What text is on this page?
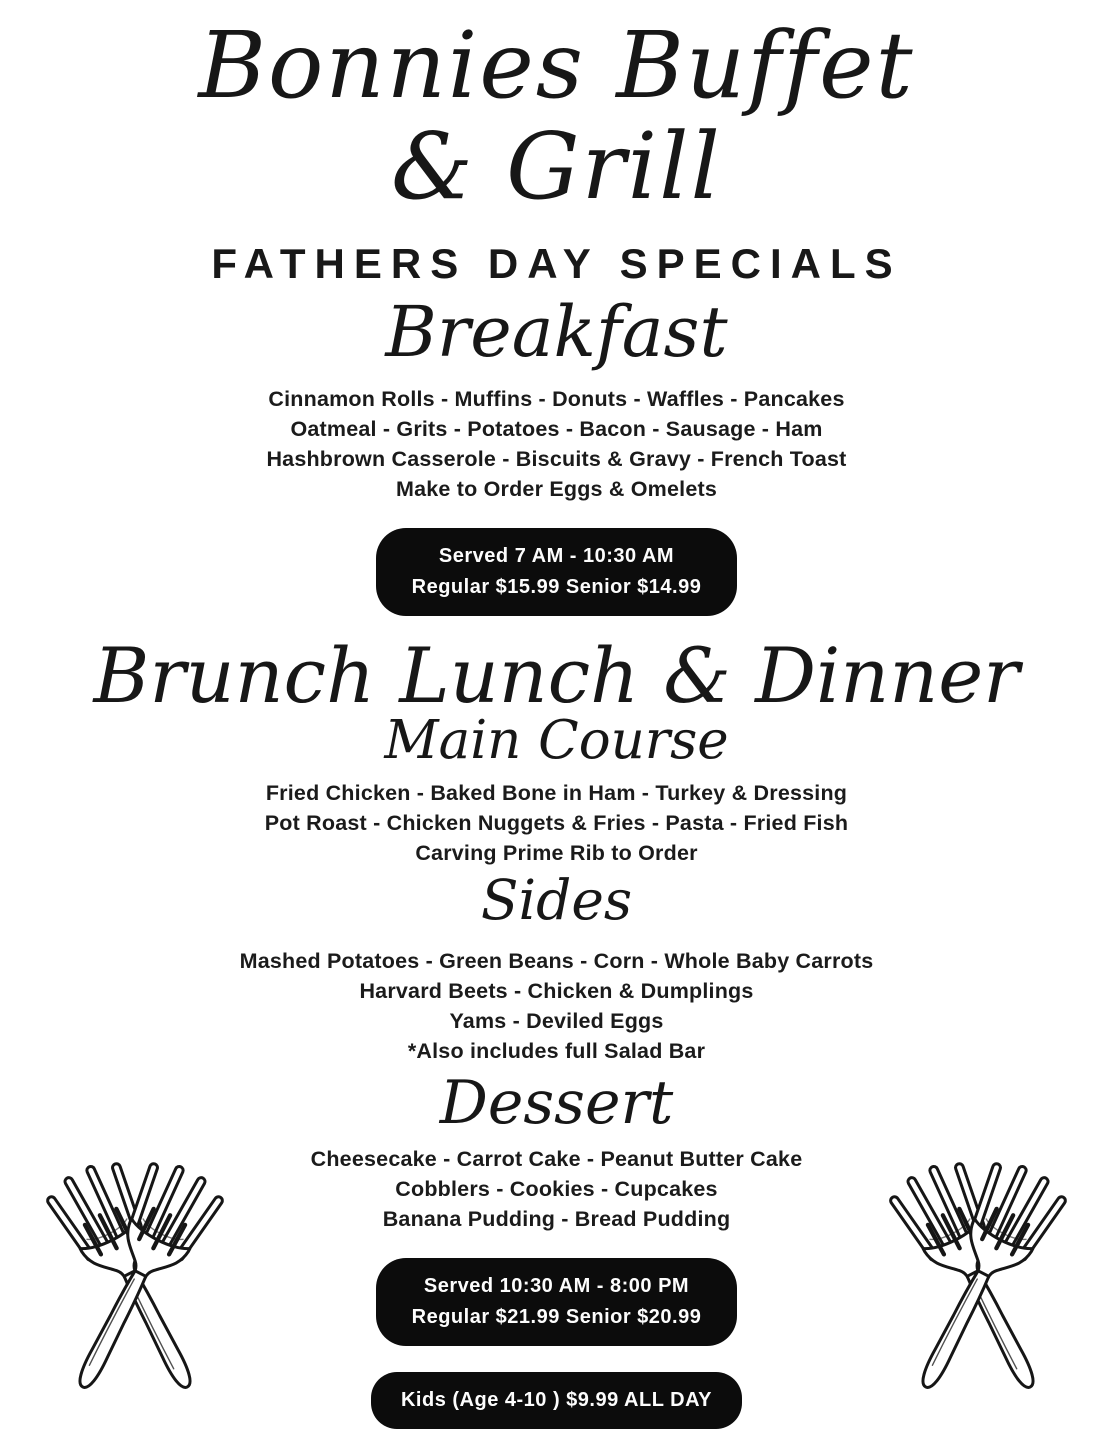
Bonnies Buffet
& Grill
FATHERS DAY SPECIALS
Breakfast
Cinnamon Rolls - Muffins - Donuts - Waffles - Pancakes
Oatmeal - Grits - Potatoes - Bacon - Sausage - Ham
Hashbrown Casserole - Biscuits & Gravy - French Toast
Make to Order Eggs & Omelets
Served 7 AM - 10:30 AM
Regular $15.99 Senior $14.99
Brunch Lunch & Dinner
Main Course
Fried Chicken - Baked Bone in Ham - Turkey & Dressing
Pot Roast - Chicken Nuggets & Fries - Pasta - Fried Fish
Carving Prime Rib to Order
Sides
Mashed Potatoes - Green Beans - Corn - Whole Baby Carrots
Harvard Beets - Chicken & Dumplings
Yams - Deviled Eggs
*Also includes full Salad Bar
Dessert
Cheesecake - Carrot Cake - Peanut Butter Cake
Cobblers - Cookies - Cupcakes
Banana Pudding - Bread Pudding
Served 10:30 AM - 8:00 PM
Regular $21.99 Senior $20.99
Kids (Age 4-10 ) $9.99 ALL DAY
